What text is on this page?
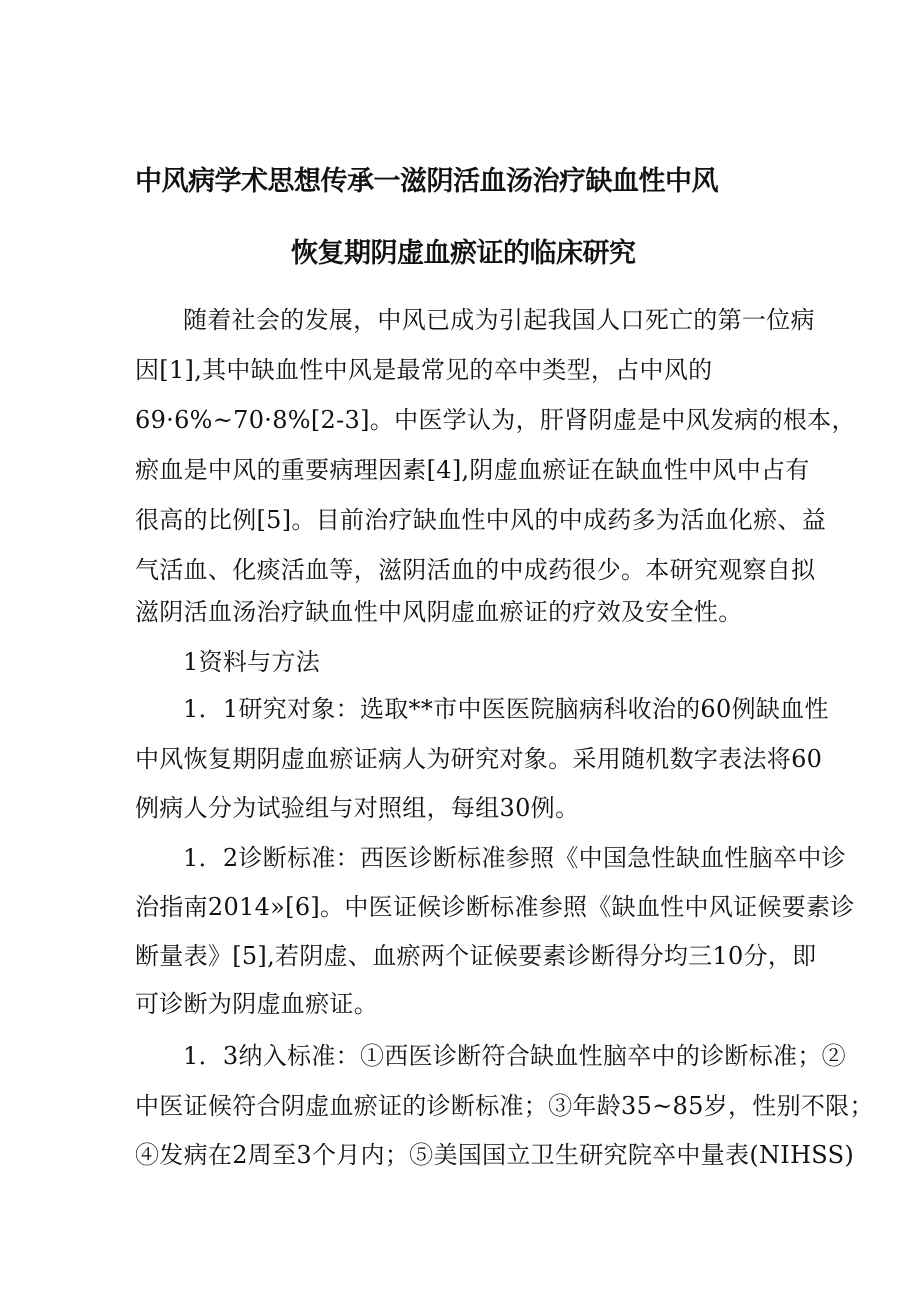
中风病学术思想传承一滋阴活血汤治疗缺血性中风
恢复期阴虚血瘀证的临床研究

随着社会的发展，中风已成为引起我国人口死亡的第一位病

因[1],其中缺血性中风是最常见的卒中类型，占中风的

69·6%~70·8%[2-3]。中医学认为，肝肾阴虚是中风发病的根本，

瘀血是中风的重要病理因素[4],阴虚血瘀证在缺血性中风中占有

很高的比例[5]。目前治疗缺血性中风的中成药多为活血化瘀、益

气活血、化痰活血等，滋阴活血的中成药很少。本研究观察自拟

滋阴活血汤治疗缺血性中风阴虚血瘀证的疗效及安全性。

1资料与方法

1．1研究对象：选取**市中医医院脑病科收治的60例缺血性

中风恢复期阴虚血瘀证病人为研究对象。采用随机数字表法将60

例病人分为试验组与对照组，每组30例。

1．2诊断标准：西医诊断标准参照《中国急性缺血性脑卒中诊

治指南2014»[6]。中医证候诊断标准参照《缺血性中风证候要素诊

断量表》[5],若阴虚、血瘀两个证候要素诊断得分均三10分，即

可诊断为阴虚血瘀证。

1．3纳入标准：①西医诊断符合缺血性脑卒中的诊断标准；②

中医证候符合阴虚血瘀证的诊断标准；③年龄35~85岁，性别不限；

④发病在2周至3个月内；⑤美国国立卫生研究院卒中量表(NIHSS)
